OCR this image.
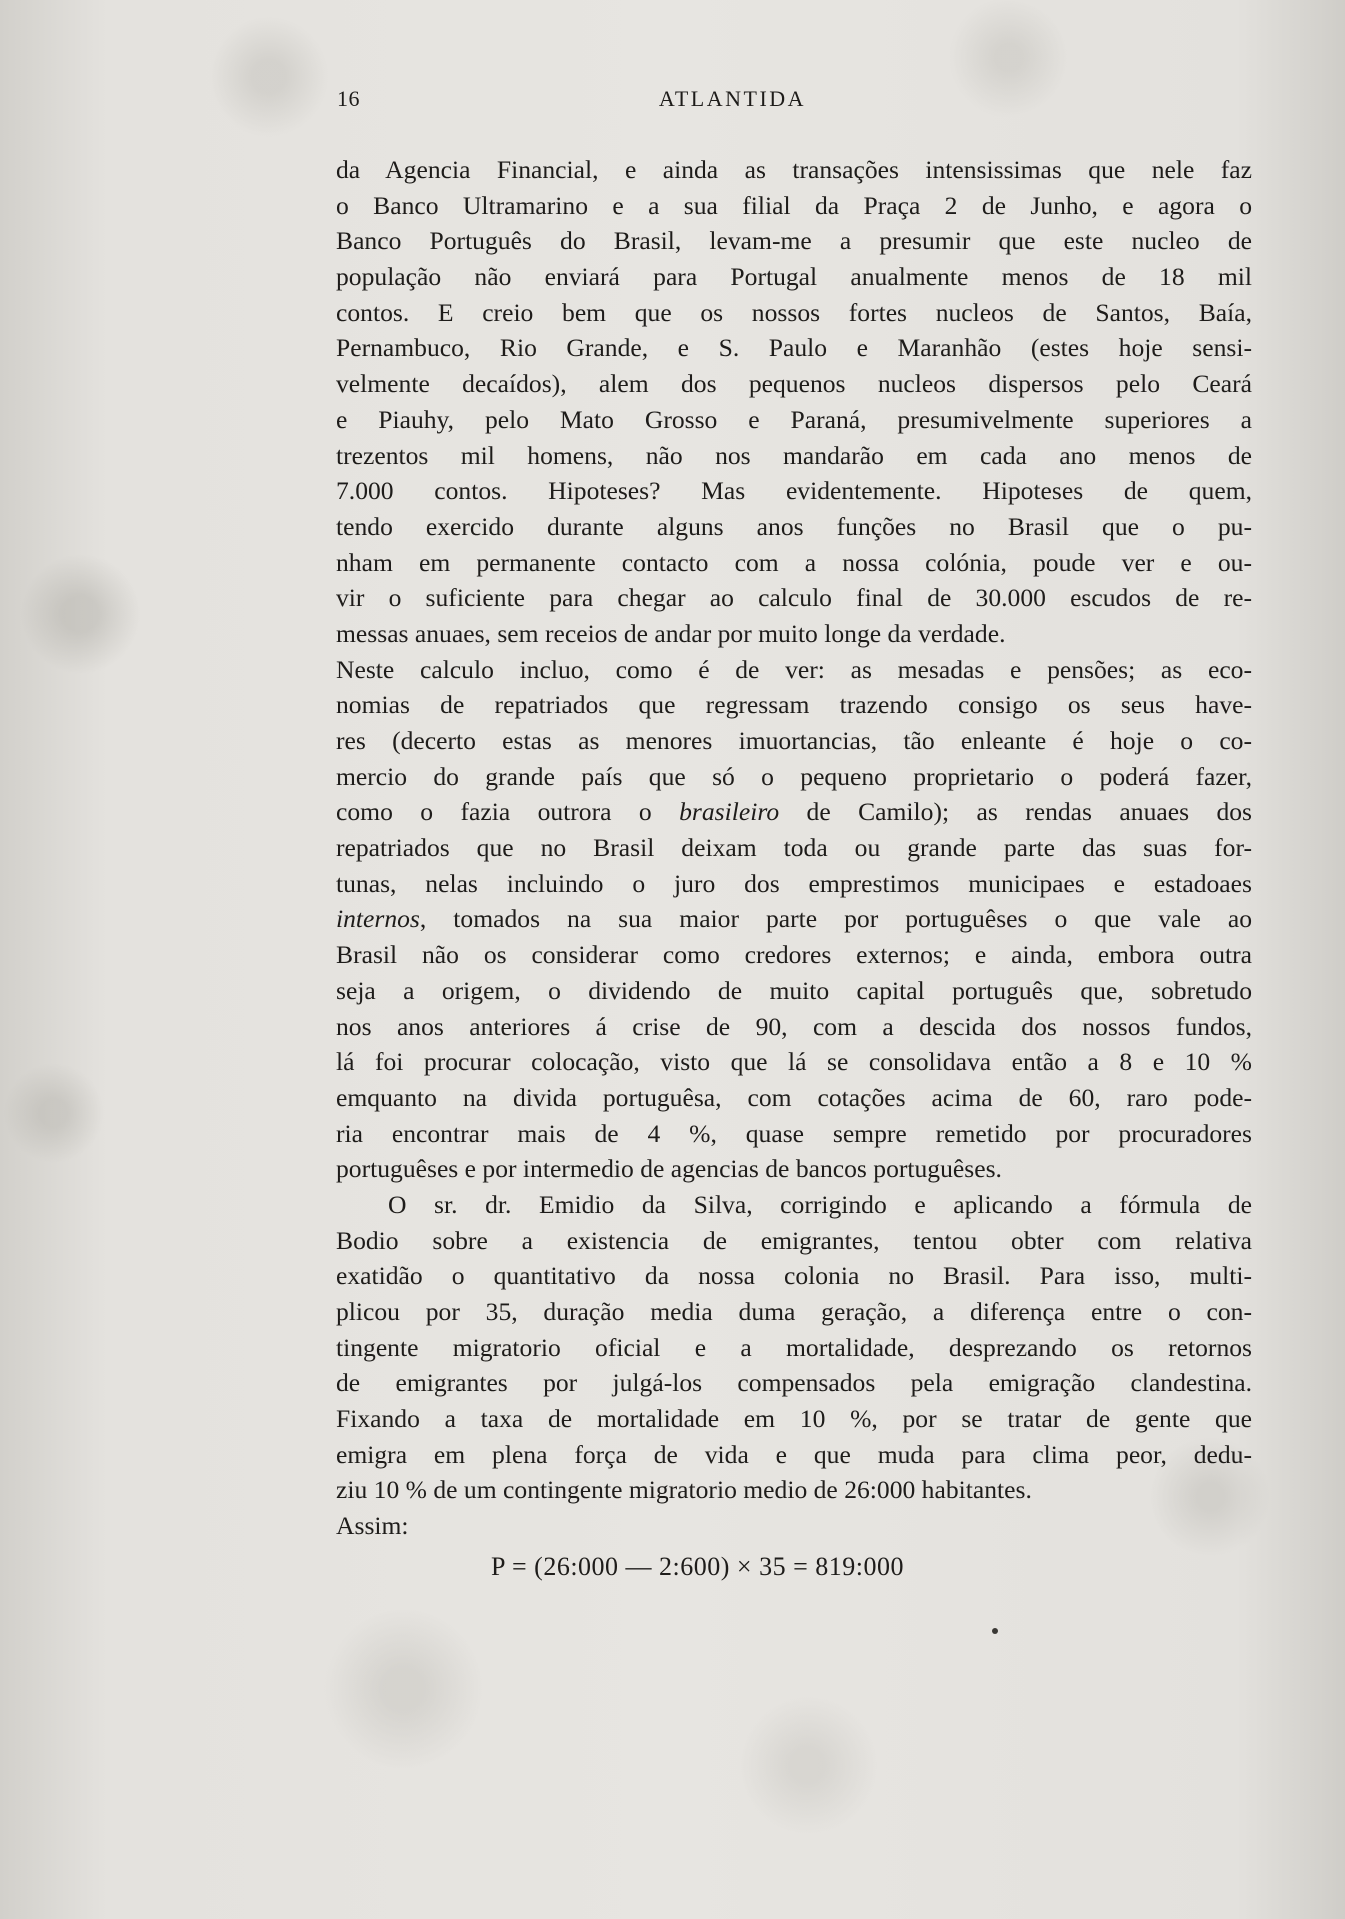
16	ATLANTIDA
da Agencia Financial, e ainda as transações intensissimas que nele faz
o Banco Ultramarino e a sua filial da Praça 2 de Junho, e agora o
Banco Português do Brasil, levam-me a presumir que este nucleo de
população não enviará para Portugal anualmente menos de 18 mil
contos. E creio bem que os nossos fortes nucleos de Santos, Baía,
Pernambuco, Rio Grande, e S. Paulo e Maranhão (estes hoje sensi-
velmente decaídos), alem dos pequenos nucleos dispersos pelo Ceará
e Piauhy, pelo Mato Grosso e Paraná, presumivelmente superiores a
trezentos mil homens, não nos mandarão em cada ano menos de
7.000 contos. Hipoteses? Mas evidentemente. Hipoteses de quem,
tendo exercido durante alguns anos funções no Brasil que o pu-
nham em permanente contacto com a nossa colónia, poude ver e ou-
vir o suficiente para chegar ao calculo final de 30.000 escudos de re-
messas anuaes, sem receios de andar por muito longe da verdade.
Neste calculo incluo, como é de ver: as mesadas e pensões; as eco-
nomias de repatriados que regressam trazendo consigo os seus have-
res (decerto estas as menores imuortancias, tão enleante é hoje o co-
mercio do grande país que só o pequeno proprietario o poderá fazer,
como o fazia outrora o brasileiro de Camilo); as rendas anuaes dos
repatriados que no Brasil deixam toda ou grande parte das suas for-
tunas, nelas incluindo o juro dos emprestimos municipaes e estadoaes
internos, tomados na sua maior parte por portuguêses o que vale ao
Brasil não os considerar como credores externos; e ainda, embora outra
seja a origem, o dividendo de muito capital português que, sobretudo
nos anos anteriores á crise de 90, com a descida dos nossos fundos,
lá foi procurar colocação, visto que lá se consolidava então a 8 e 10 %
emquanto na divida portuguêsa, com cotações acima de 60, raro pode-
ria encontrar mais de 4 %, quase sempre remetido por procuradores
portuguêses e por intermedio de agencias de bancos portuguêses.
O sr. dr. Emidio da Silva, corrigindo e aplicando a fórmula de
Bodio sobre a existencia de emigrantes, tentou obter com relativa
exatidão o quantitativo da nossa colonia no Brasil. Para isso, multi-
plicou por 35, duração media duma geração, a diferença entre o con-
tingente migratorio oficial e a mortalidade, desprezando os retornos
de emigrantes por julgá-los compensados pela emigração clandestina.
Fixando a taxa de mortalidade em 10 %, por se tratar de gente que
emigra em plena força de vida e que muda para clima peor, dedu-
ziu 10 % de um contingente migratorio medio de 26:000 habitantes.
Assim:
P = (26:000 — 2:600) × 35 = 819:000
